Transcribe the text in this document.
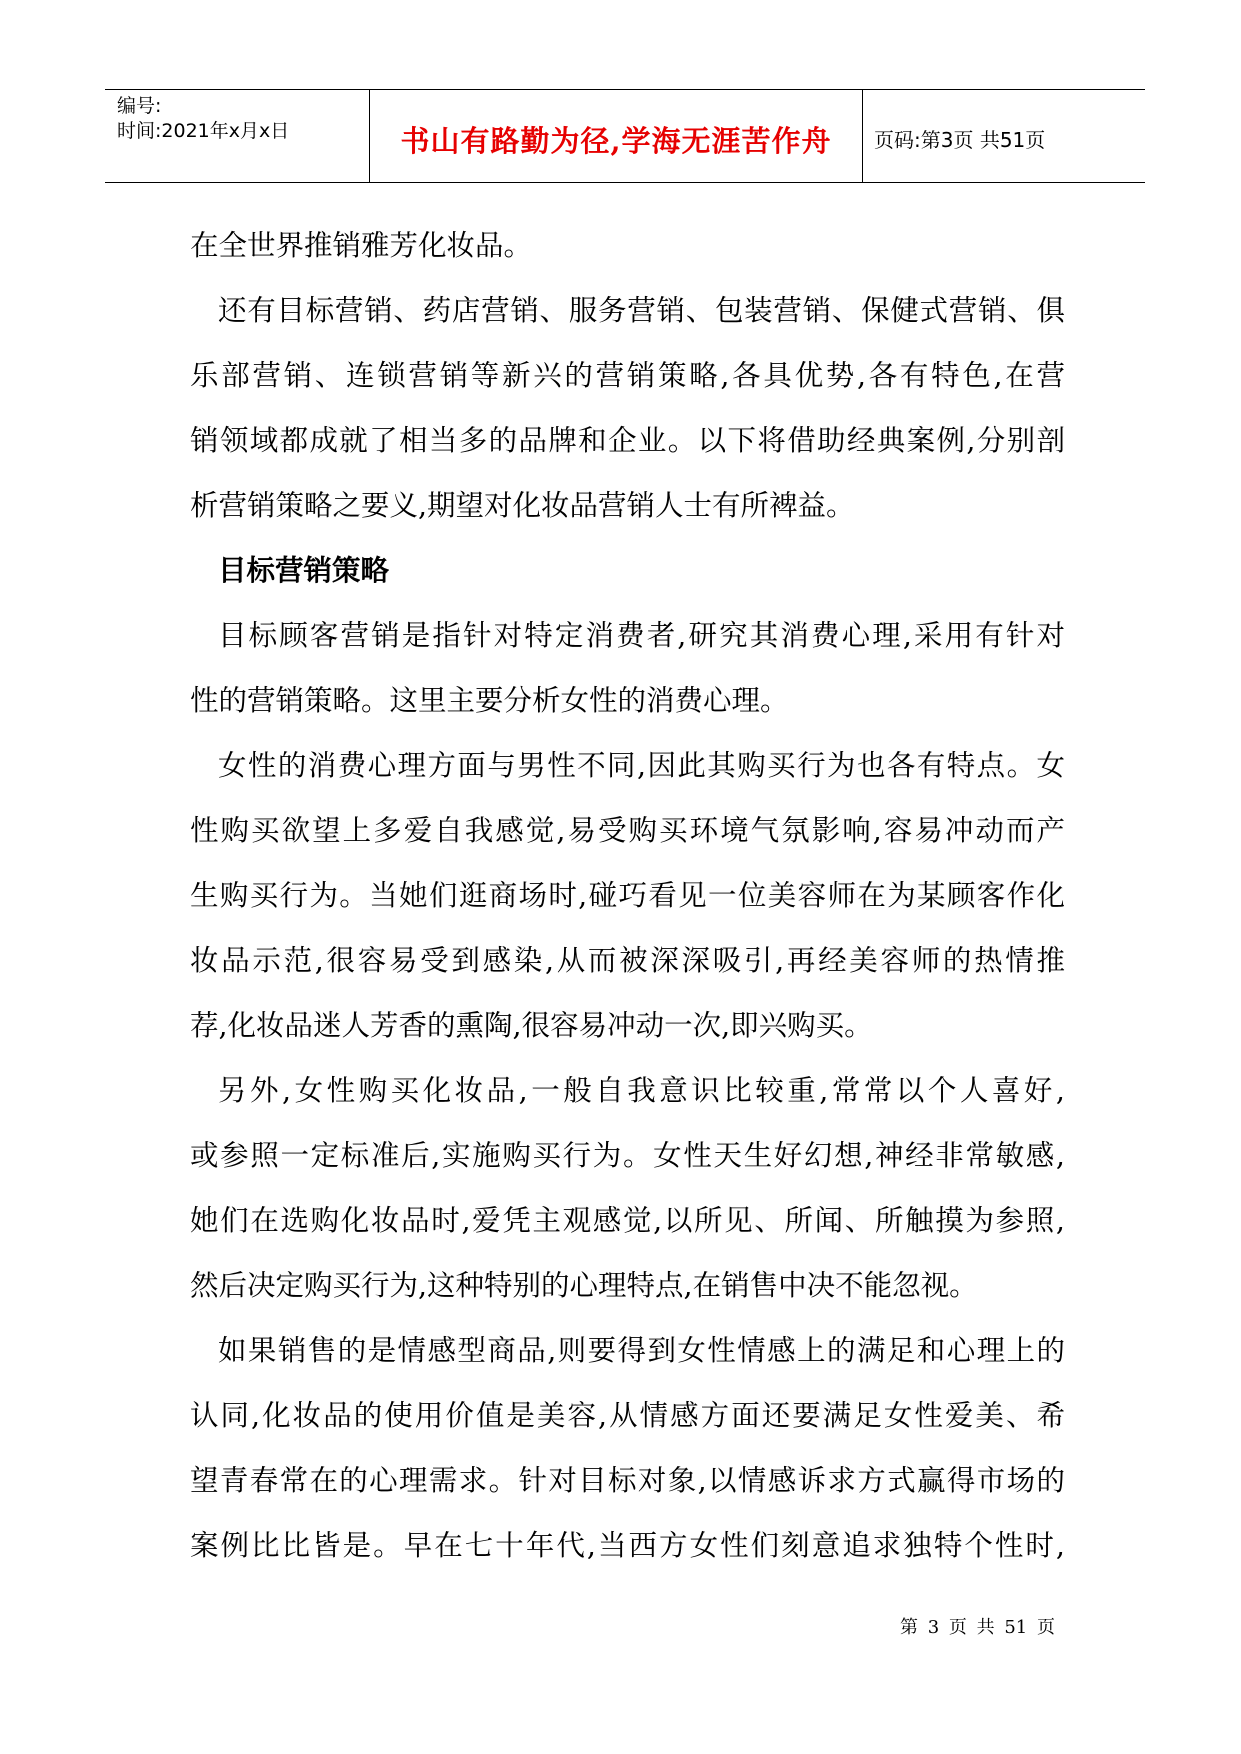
编号:
时间:2021年x月x日	书山有路勤为径,学海无涯苦作舟	页码:第3页 共51页
在全世界推销雅芳化妆品。
还有目标营销、药店营销、服务营销、包装营销、保健式营销、俱
乐部营销、连锁营销等新兴的营销策略,各具优势,各有特色,在营
销领域都成就了相当多的品牌和企业。以下将借助经典案例,分别剖
析营销策略之要义,期望对化妆品营销人士有所裨益。
目标营销策略
目标顾客营销是指针对特定消费者,研究其消费心理,采用有针对
性的营销策略。这里主要分析女性的消费心理。
女性的消费心理方面与男性不同,因此其购买行为也各有特点。女
性购买欲望上多爱自我感觉,易受购买环境气氛影响,容易冲动而产
生购买行为。当她们逛商场时,碰巧看见一位美容师在为某顾客作化
妆品示范,很容易受到感染,从而被深深吸引,再经美容师的热情推
荐,化妆品迷人芳香的熏陶,很容易冲动一次,即兴购买。
另外,女性购买化妆品,一般自我意识比较重,常常以个人喜好,
或参照一定标准后,实施购买行为。女性天生好幻想,神经非常敏感,
她们在选购化妆品时,爱凭主观感觉,以所见、所闻、所触摸为参照,
然后决定购买行为,这种特别的心理特点,在销售中决不能忽视。
如果销售的是情感型商品,则要得到女性情感上的满足和心理上的
认同,化妆品的使用价值是美容,从情感方面还要满足女性爱美、希
望青春常在的心理需求。针对目标对象,以情感诉求方式赢得市场的
案例比比皆是。早在七十年代,当西方女性们刻意追求独特个性时,
第 3 页 共 51 页
